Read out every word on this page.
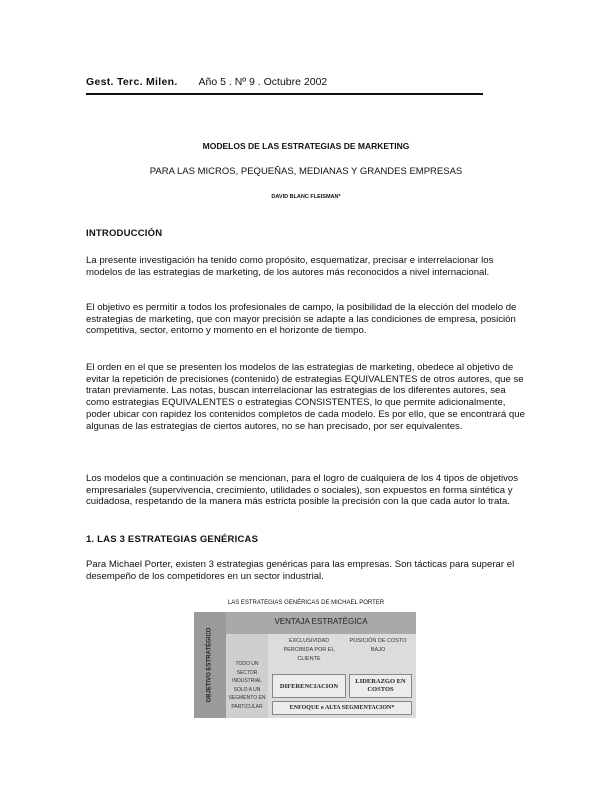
Gest. Terc. Milen. Año 5 . Nº 9 . Octubre 2002
MODELOS DE LAS ESTRATEGIAS DE MARKETING
PARA LAS MICROS, PEQUEÑAS, MEDIANAS Y GRANDES EMPRESAS
DAVID BLANC FLEISMAN*
INTRODUCCIÓN

La presente investigación ha tenido como propósito, esquematizar, precisar e interrelacionar los modelos de las estrategias de marketing, de los autores más reconocidos a nivel internacional.

El objetivo es permitir a todos los profesionales de campo, la posibilidad de la elección del modelo de estrategias de marketing, que con mayor precisión se adapte a las condiciones de empresa, posición competitiva, sector, entorno y momento en el horizonte de tiempo.

El orden en el que se presenten los modelos de las estrategias de marketing, obedece al objetivo de evitar la repetición de precisiones (contenido) de estrategias EQUIVALENTES de otros autores, que se tratan previamente. Las notas, buscan interrelacionar las estrategias de los diferentes autores, sea como estrategias EQUIVALENTES o estrategias CONSISTENTES, lo que permite adicionalmente, poder ubicar con rapidez los contenidos completos de cada modelo. Es por ello, que se encontrará que algunas de las estrategias de ciertos autores, no se han precisado, por ser equivalentes.

Los modelos que a continuación se mencionan, para el logro de cualquiera de los 4 tipos de objetivos empresariales (supervivencia, crecimiento, utilidades o sociales), son expuestos en forma sintética y cuidadosa, respetando de la manera más estricta posible la precisión con la que cada autor lo trata.

1. LAS 3 ESTRATEGIAS GENÉRICAS

Para Michael Porter, existen 3 estrategias genéricas para las empresas. Son tácticas para superar el desempeño de los competidores en un sector industrial.

LAS ESTRATEGIAS GENÉRICAS DE MICHAEL PORTER
OBJETIVO ESTRATÉGICO
VENTAJA ESTRATÉGICA
TODO UN SECTOR INDUSTRIAL SOLO A UN SEGMENTO EN PARTICULAR
EXCLUSIVIDAD PERCIBIDA POR EL CLIENTE
POSICIÓN DE COSTO BAJO
DIFERENCIACION
LIDERAZGO EN COSTOS
ENFOQUE o ALTA SEGMENTACION*
